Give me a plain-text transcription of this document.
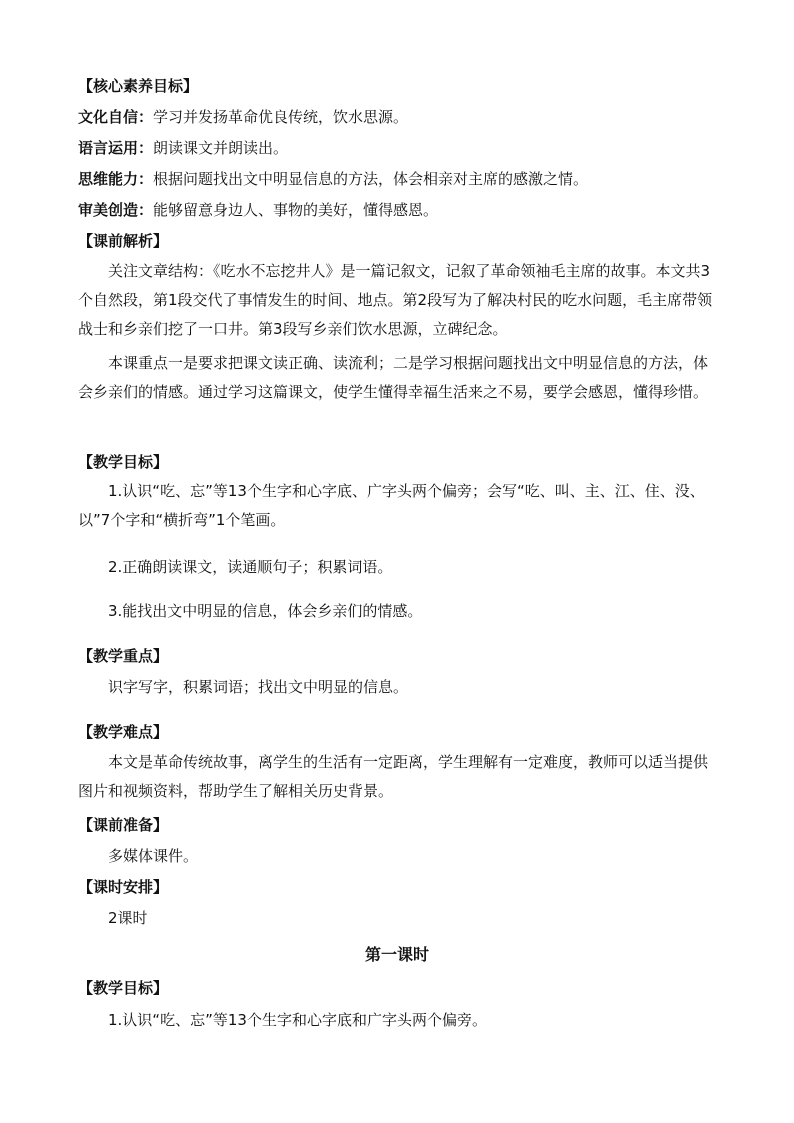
【核心素养目标】
文化自信：学习并发扬革命优良传统，饮水思源。
语言运用：朗读课文并朗读出。
思维能力：根据问题找出文中明显信息的方法，体会相亲对主席的感激之情。
审美创造：能够留意身边人、事物的美好，懂得感恩。
【课前解析】
关注文章结构：《吃水不忘挖井人》是一篇记叙文，记叙了革命领袖毛主席的故事。本文共3个自然段，第1段交代了事情发生的时间、地点。第2段写为了解决村民的吃水问题，毛主席带领战士和乡亲们挖了一口井。第3段写乡亲们饮水思源，立碑纪念。
本课重点一是要求把课文读正确、读流利；二是学习根据问题找出文中明显信息的方法，体会乡亲们的情感。通过学习这篇课文，使学生懂得幸福生活来之不易，要学会感恩，懂得珍惜。
【教学目标】
1.认识“吃、忘”等13个生字和心字底、广字头两个偏旁；会写“吃、叫、主、江、住、没、以”7个字和“横折弯”1个笔画。
2.正确朗读课文，读通顺句子；积累词语。
3.能找出文中明显的信息，体会乡亲们的情感。
【教学重点】
识字写字，积累词语；找出文中明显的信息。
【教学难点】
本文是革命传统故事，离学生的生活有一定距离，学生理解有一定难度，教师可以适当提供图片和视频资料，帮助学生了解相关历史背景。
【课前准备】
多媒体课件。
【课时安排】
2课时
第一课时
【教学目标】
1.认识“吃、忘”等13个生字和心字底和广字头两个偏旁。
